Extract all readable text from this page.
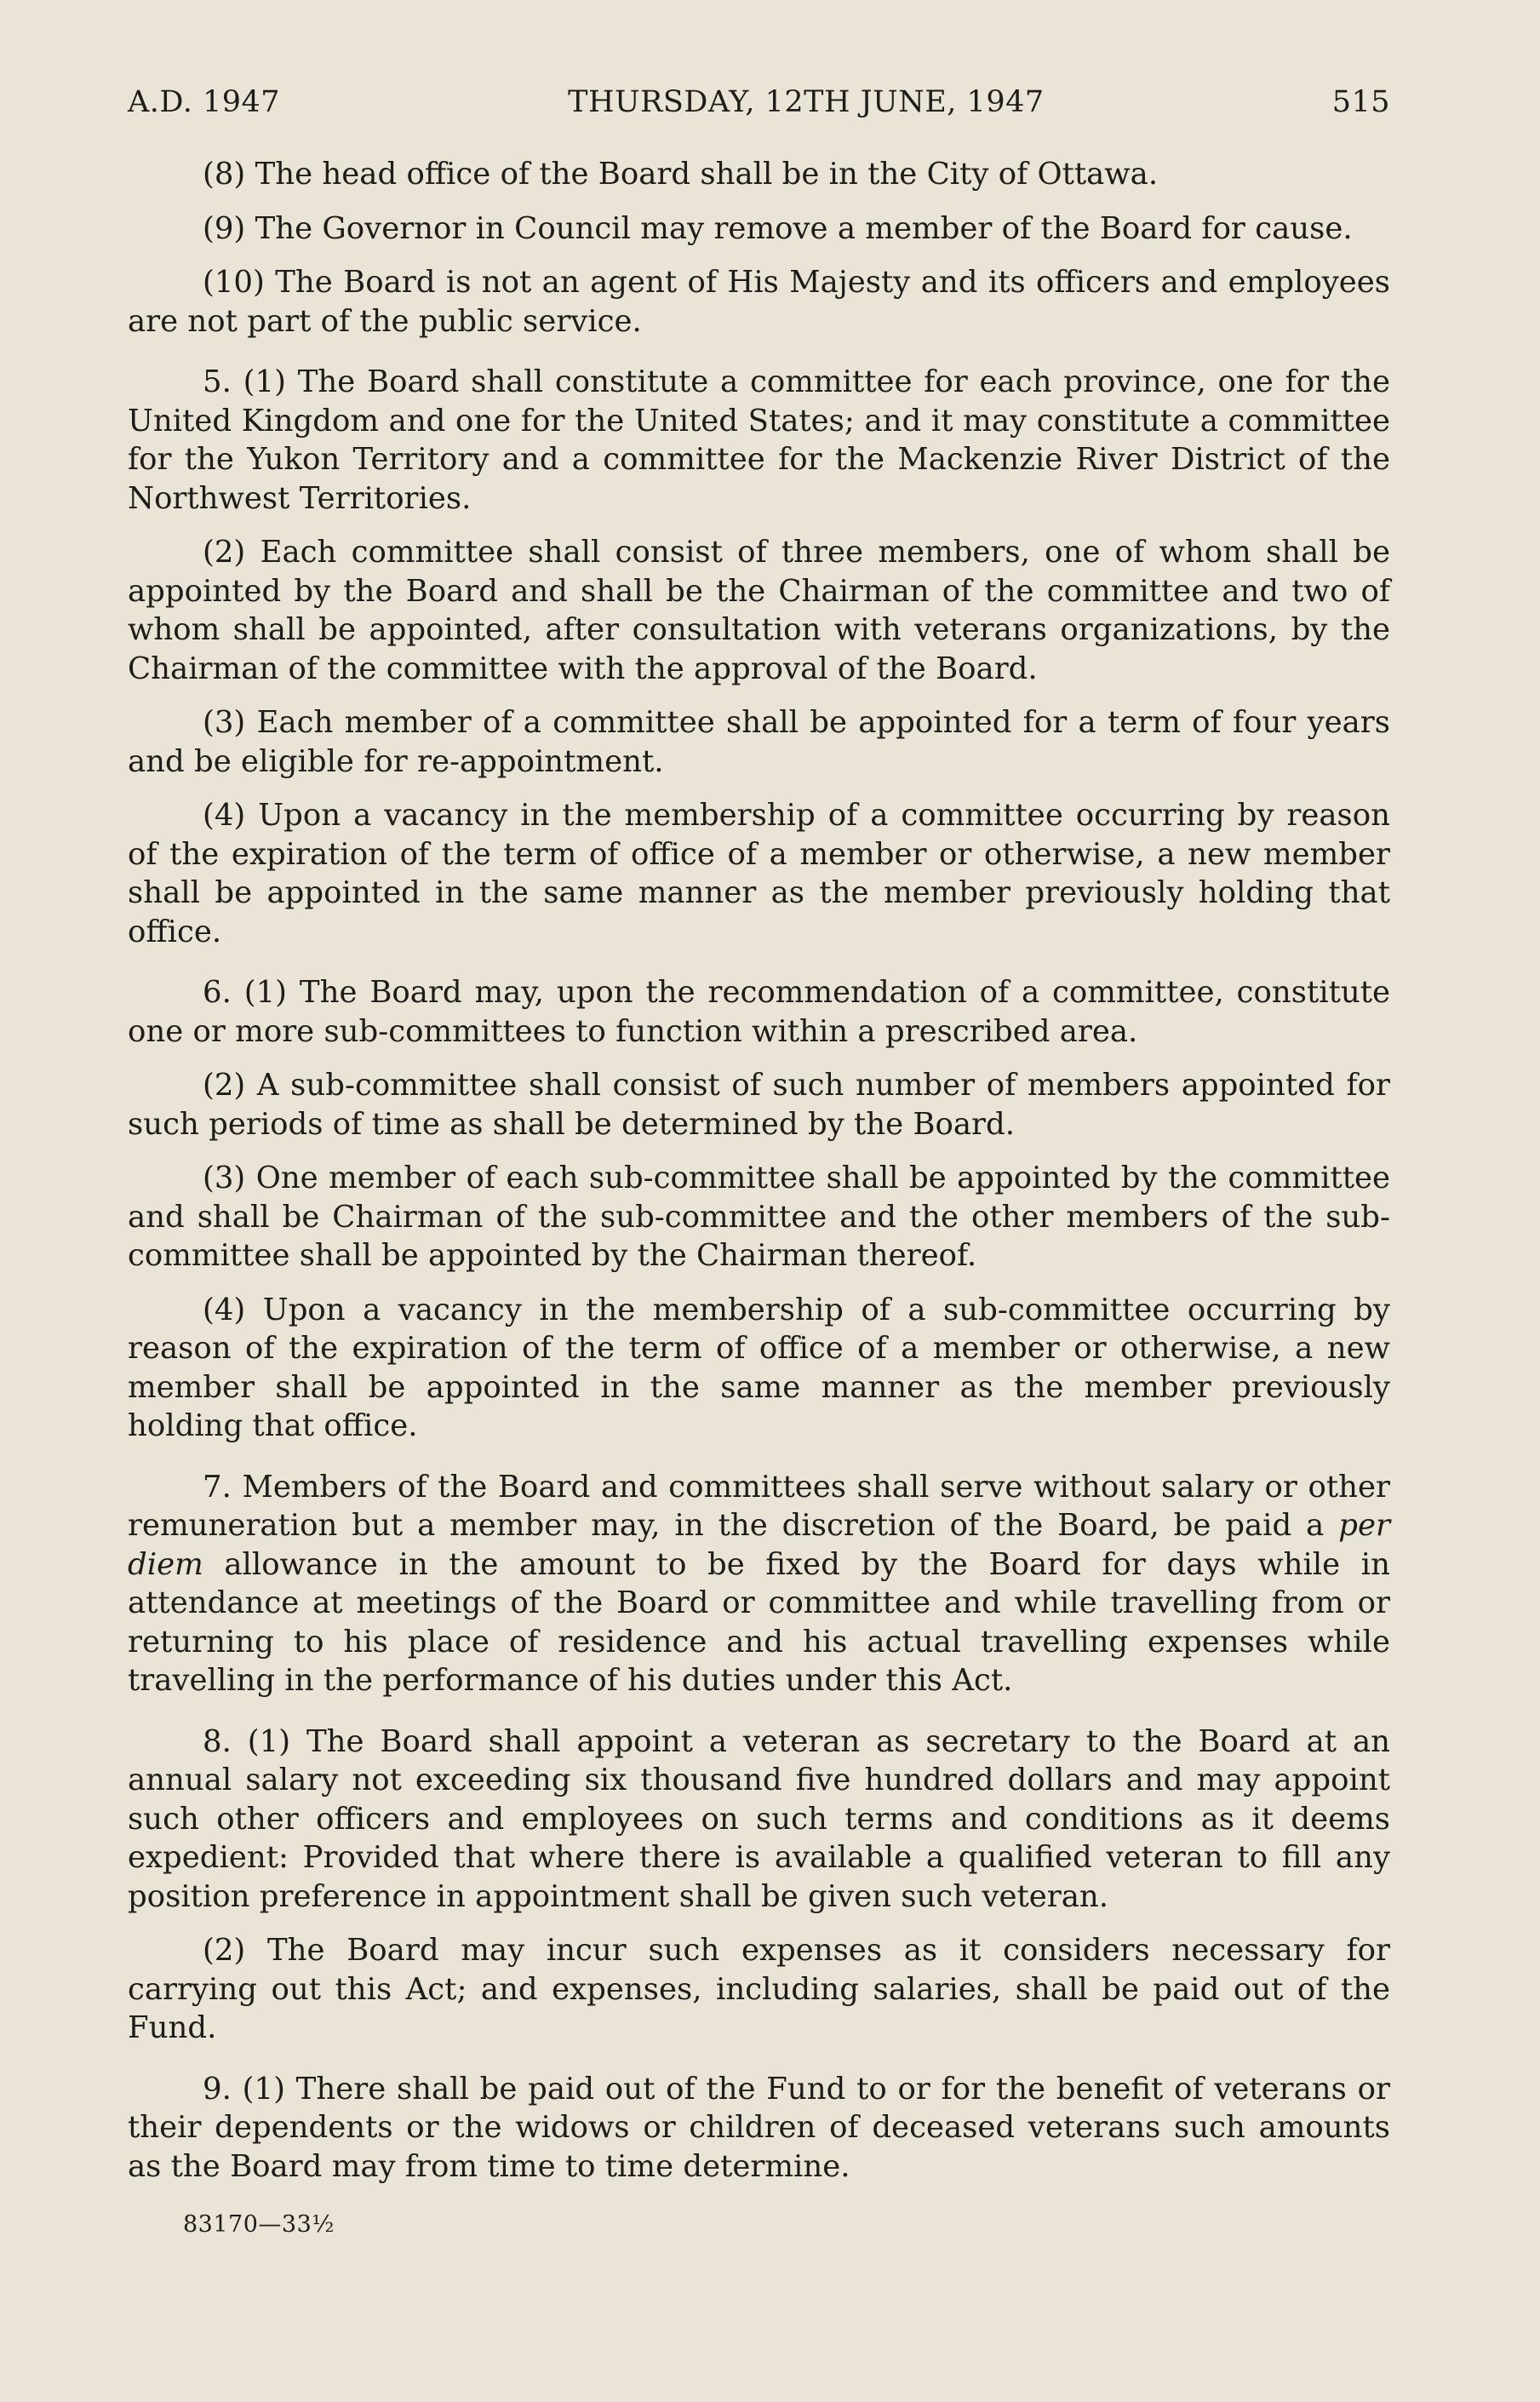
A.D. 1947	THURSDAY, 12TH JUNE, 1947	515

(8) The head office of the Board shall be in the City of Ottawa.

(9) The Governor in Council may remove a member of the Board for cause.

(10) The Board is not an agent of His Majesty and its officers and employees are not part of the public service.

5. (1) The Board shall constitute a committee for each province, one for the United Kingdom and one for the United States; and it may constitute a committee for the Yukon Territory and a committee for the Mackenzie River District of the Northwest Territories.

(2) Each committee shall consist of three members, one of whom shall be appointed by the Board and shall be the Chairman of the committee and two of whom shall be appointed, after consultation with veterans organizations, by the Chairman of the committee with the approval of the Board.

(3) Each member of a committee shall be appointed for a term of four years and be eligible for re-appointment.

(4) Upon a vacancy in the membership of a committee occurring by reason of the expiration of the term of office of a member or otherwise, a new member shall be appointed in the same manner as the member previously holding that office.

6. (1) The Board may, upon the recommendation of a committee, constitute one or more sub-committees to function within a prescribed area.

(2) A sub-committee shall consist of such number of members appointed for such periods of time as shall be determined by the Board.

(3) One member of each sub-committee shall be appointed by the committee and shall be Chairman of the sub-committee and the other members of the sub-committee shall be appointed by the Chairman thereof.

(4) Upon a vacancy in the membership of a sub-committee occurring by reason of the expiration of the term of office of a member or otherwise, a new member shall be appointed in the same manner as the member previously holding that office.

7. Members of the Board and committees shall serve without salary or other remuneration but a member may, in the discretion of the Board, be paid a per diem allowance in the amount to be fixed by the Board for days while in attendance at meetings of the Board or committee and while travelling from or returning to his place of residence and his actual travelling expenses while travelling in the performance of his duties under this Act.

8. (1) The Board shall appoint a veteran as secretary to the Board at an annual salary not exceeding six thousand five hundred dollars and may appoint such other officers and employees on such terms and conditions as it deems expedient: Provided that where there is available a qualified veteran to fill any position preference in appointment shall be given such veteran.

(2) The Board may incur such expenses as it considers necessary for carrying out this Act; and expenses, including salaries, shall be paid out of the Fund.

9. (1) There shall be paid out of the Fund to or for the benefit of veterans or their dependents or the widows or children of deceased veterans such amounts as the Board may from time to time determine.

83170—33½
